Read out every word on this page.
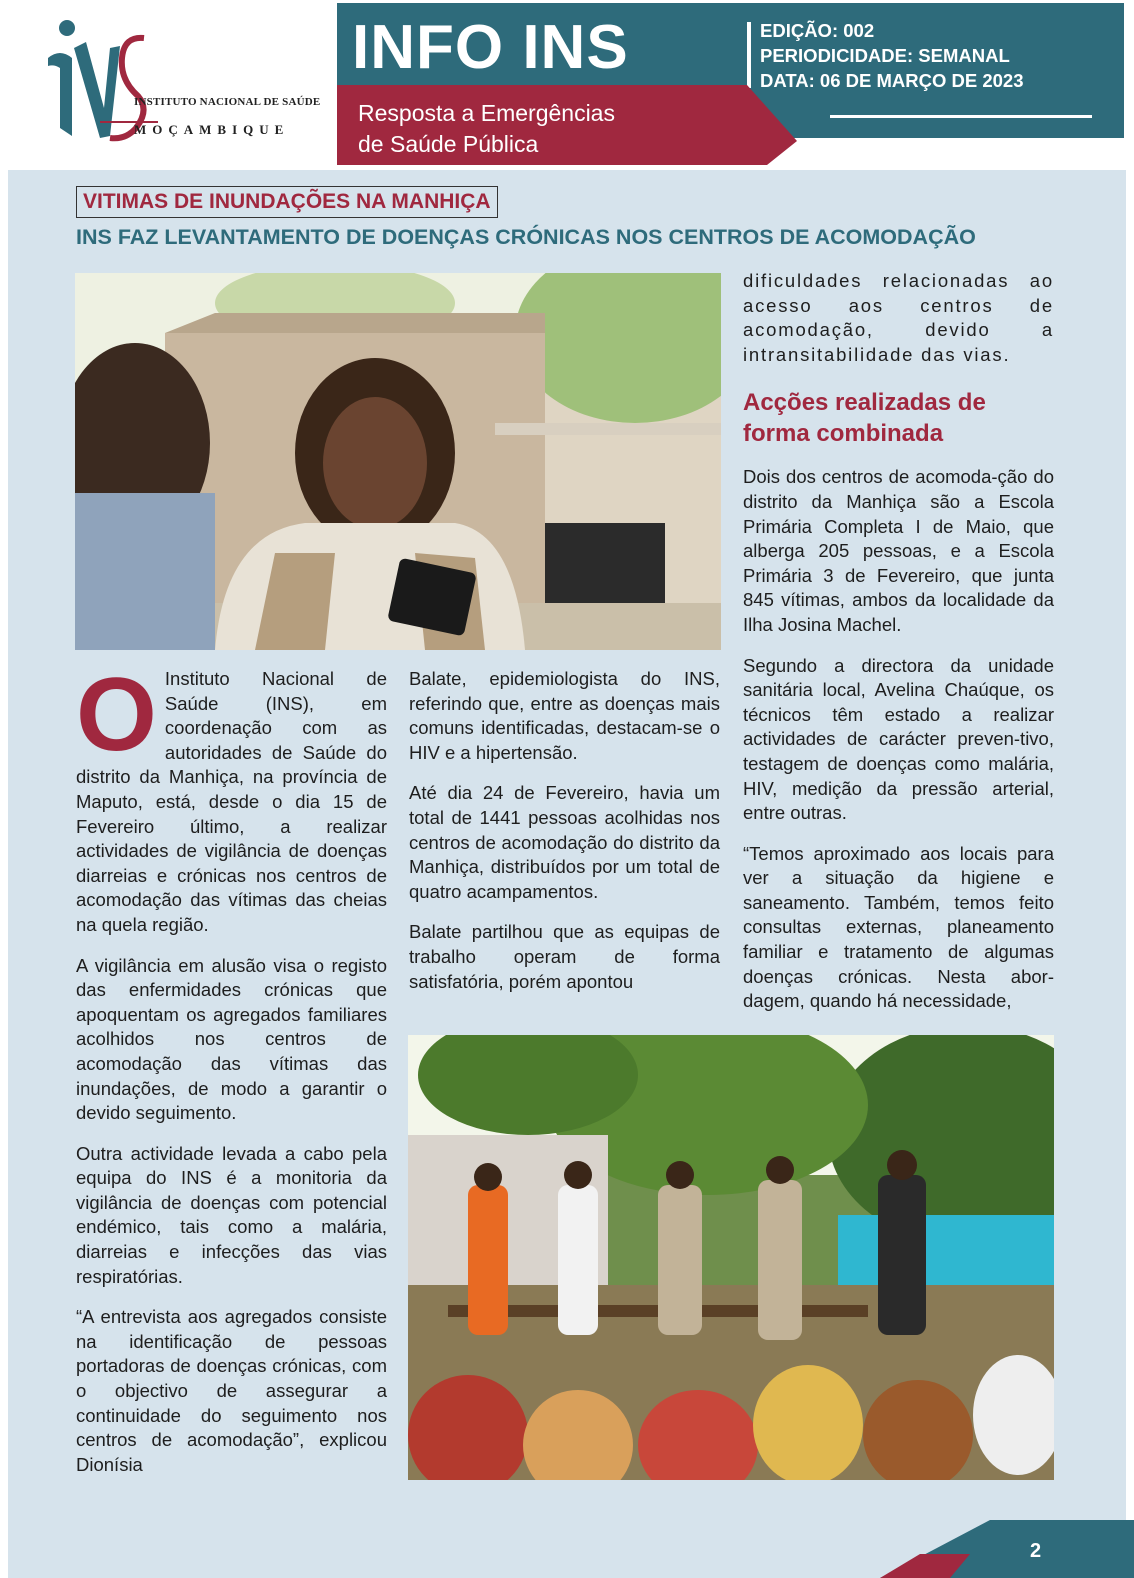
INSTITUTO NACIONAL DE SAÚDE
MOÇAMBIQUE
INFO INS	EDIÇÃO: 002
PERIODICIDADE: SEMANAL
DATA: 06 DE MARÇO DE 2023
Resposta a Emergências
de Saúde Pública
VITIMAS DE INUNDAÇÕES NA MANHIÇA
INS FAZ LEVANTAMENTO DE DOENÇAS CRÓNICAS NOS CENTROS DE ACOMODAÇÃO
O Instituto Nacional de Saúde (INS), em coordenação com as autoridades de Saúde do distrito da Manhiça, na província de Maputo, está, desde o dia 15 de Fevereiro último, a realizar actividades de vigilância de doenças diarreias e crónicas nos centros de acomodação das vítimas das cheias na quela região.

A vigilância em alusão visa o registo das enfermidades crónicas que apoquentam os agregados familiares acolhidos nos centros de acomodação das vítimas das inundações, de modo a garantir o devido seguimento.

Outra actividade levada a cabo pela equipa do INS é a monitoria da vigilância de doenças com potencial endémico, tais como a malária, diarreias e infecções das vias respiratórias.

“A entrevista aos agregados consiste na identificação de pessoas portadoras de doenças crónicas, com o objectivo de assegurar a continuidade do seguimento nos centros de acomodação”, explicou Dionísia

Balate, epidemiologista do INS, referindo que, entre as doenças mais comuns identificadas, destacam-se o HIV e a hipertensão.

Até dia 24 de Fevereiro, havia um total de 1441 pessoas acolhidas nos centros de acomodação do distrito da Manhiça, distribuídos por um total de quatro acampamentos.

Balate partilhou que as equipas de trabalho operam de forma satisfatória, porém apontou

dificuldades relacionadas ao acesso aos centros de acomodação, devido a intransitabilidade das vias.

Acções realizadas de forma combinada

Dois dos centros de acomoda-ção do distrito da Manhiça são a Escola Primária Completa I de Maio, que alberga 205 pessoas, e a Escola Primária 3 de Fevereiro, que junta 845 vítimas, ambos da localidade da Ilha Josina Machel.

Segundo a directora da unidade sanitária local, Avelina Chaúque, os técnicos têm estado a realizar actividades de carácter preven-tivo, testagem de doenças como malária, HIV, medição da pressão arterial, entre outras.

“Temos aproximado aos locais para ver a situação da higiene e saneamento. Também, temos feito consultas externas, planeamento familiar e tratamento de algumas doenças crónicas. Nesta abor-dagem, quando há necessidade,

2
